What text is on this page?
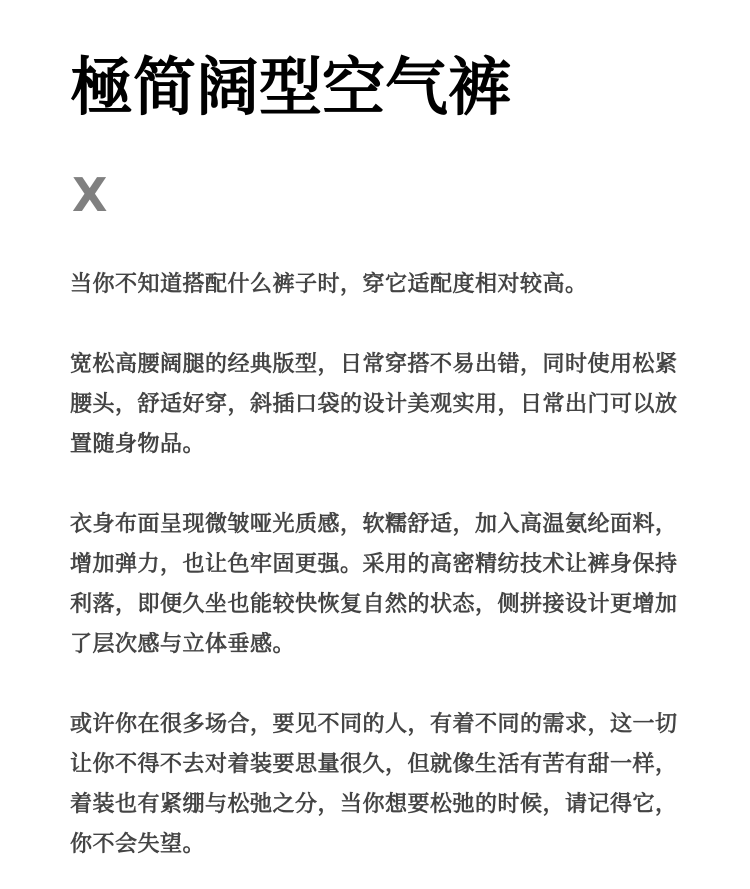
極简阔型空气裤
X

当你不知道搭配什么裤子时，穿它适配度相对较高。

宽松高腰阔腿的经典版型，日常穿搭不易出错，同时使用松紧腰头，舒适好穿，斜插口袋的设计美观实用，日常出门可以放置随身物品。

衣身布面呈现微皱哑光质感，软糯舒适，加入高温氨纶面料，增加弹力，也让色牢固更强。采用的高密精纺技术让裤身保持利落，即便久坐也能较快恢复自然的状态，侧拼接设计更增加了层次感与立体垂感。

或许你在很多场合，要见不同的人，有着不同的需求，这一切让你不得不去对着装要思量很久，但就像生活有苦有甜一样，着装也有紧绷与松弛之分，当你想要松弛的时候，请记得它，你不会失望。
